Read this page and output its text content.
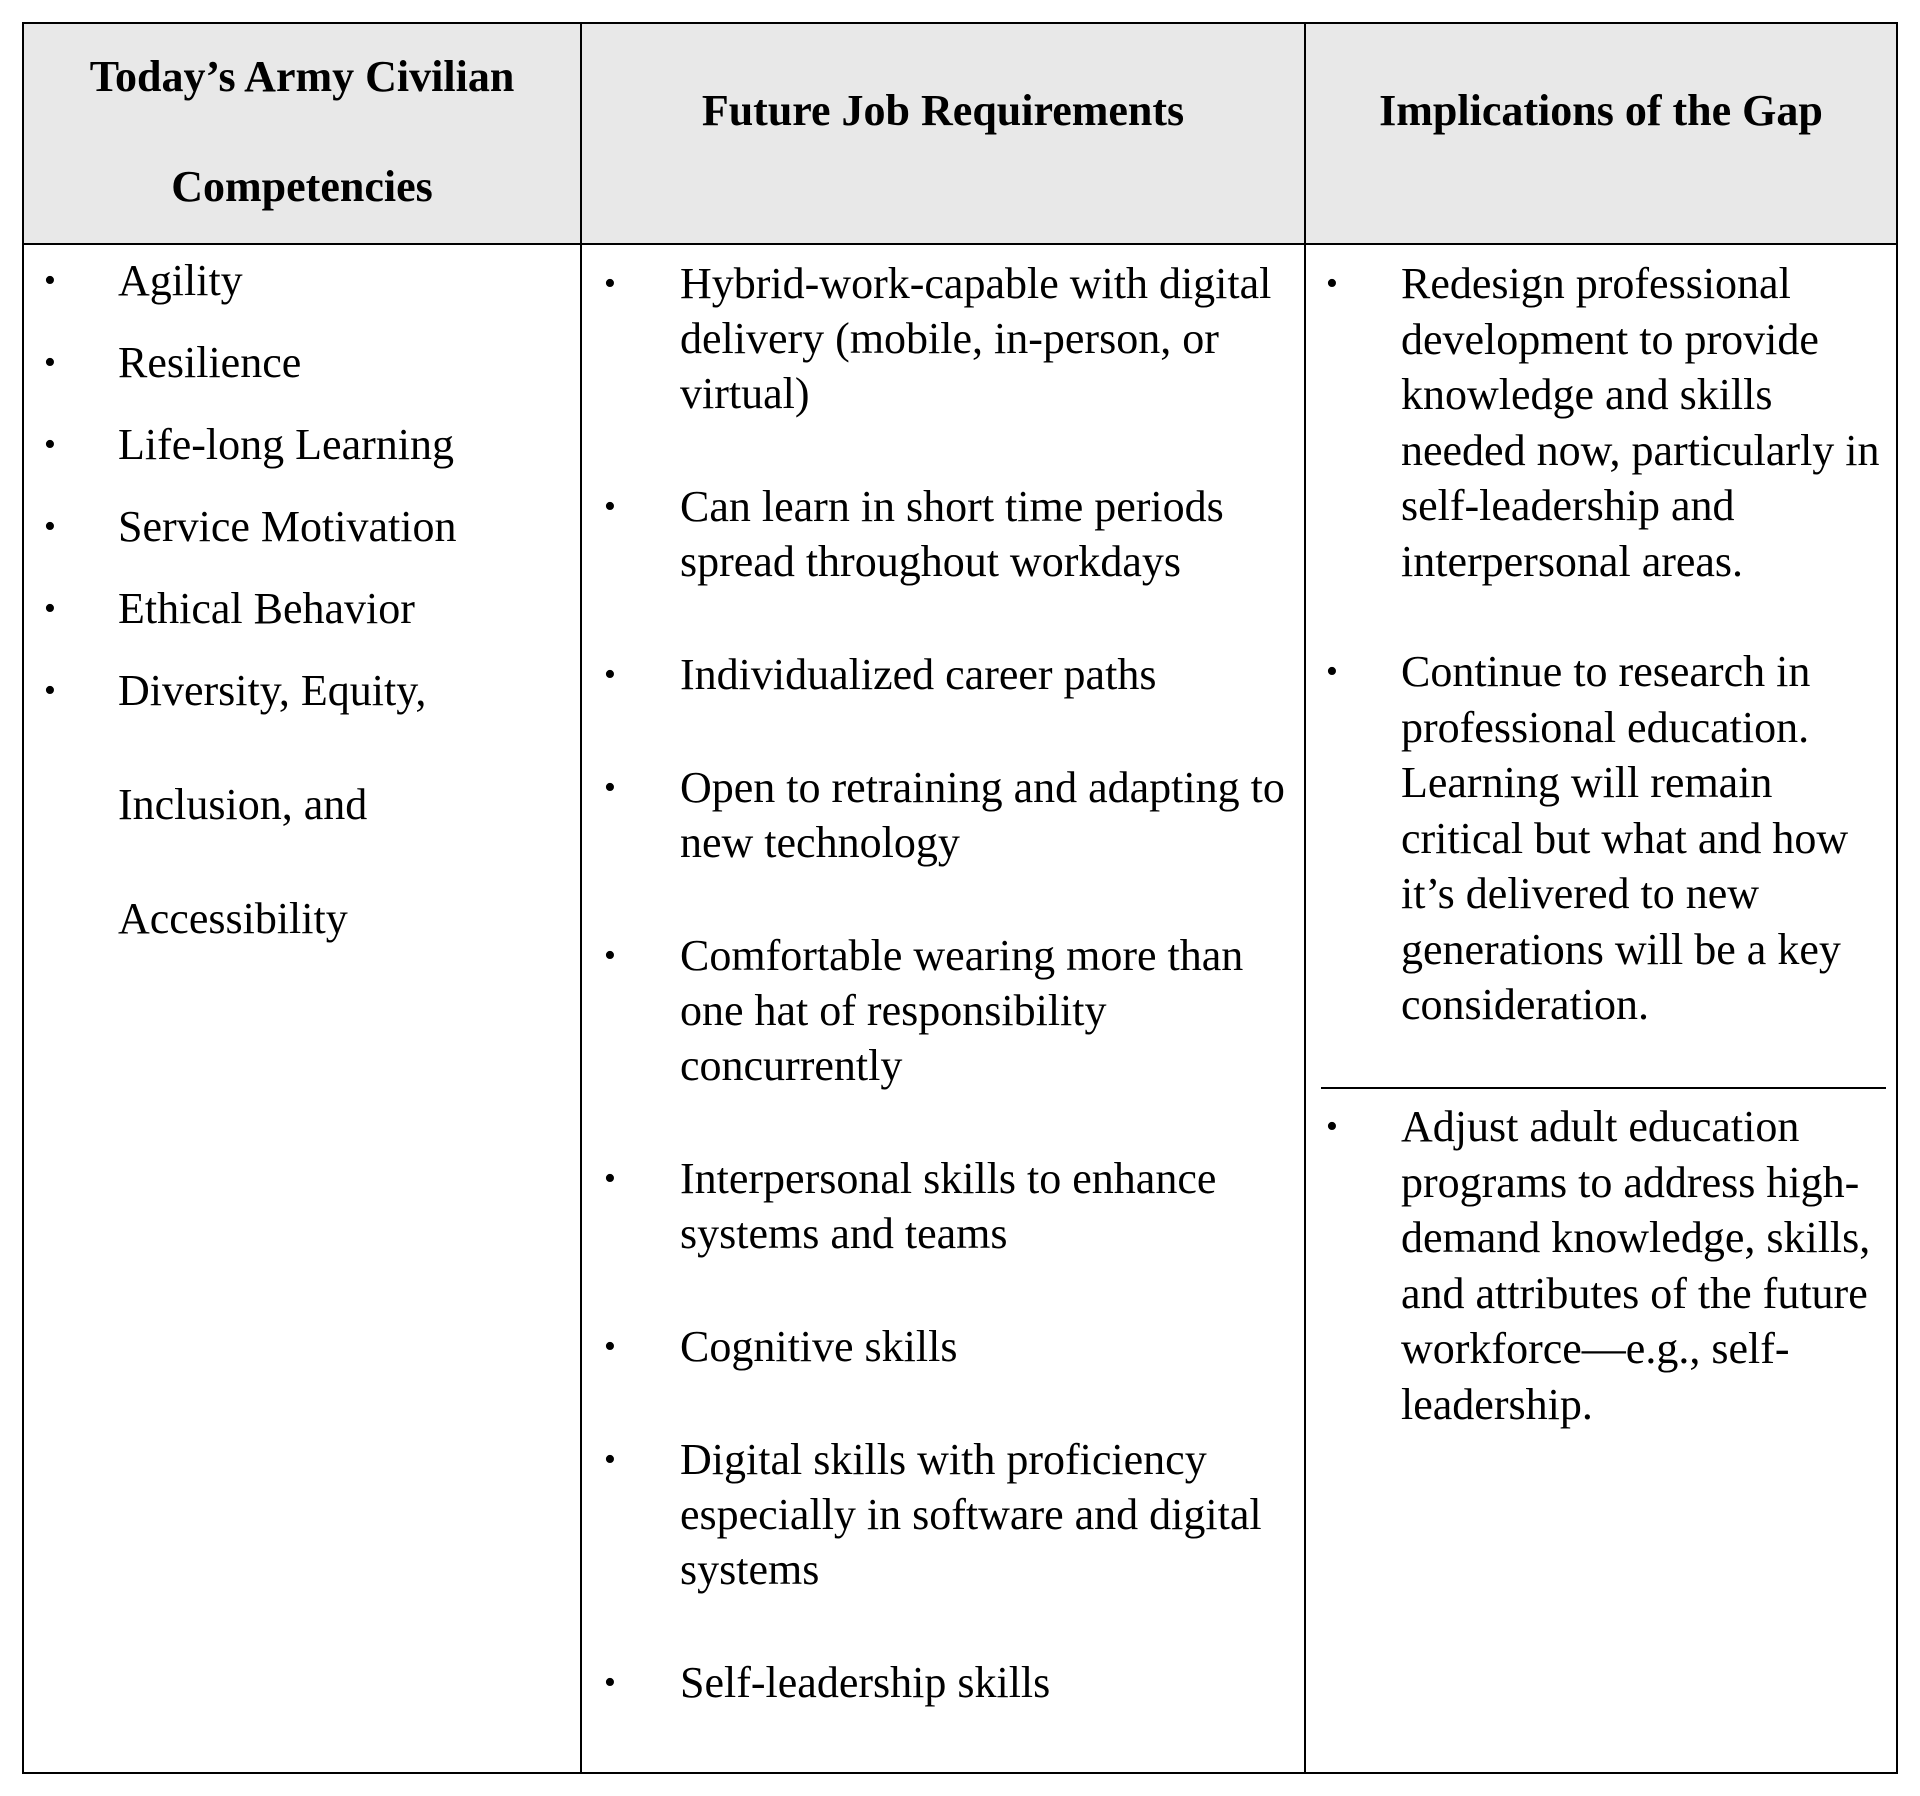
Today’s Army Civilian
Competencies
• Agility
• Resilience
• Life-long Learning
• Service Motivation
• Ethical Behavior
• Diversity, Equity,
Inclusion, and
Accessibility
Future Job Requirements
• Hybrid-work-capable with digital delivery (mobile, in-person, or virtual)
• Can learn in short time periods spread throughout workdays
• Individualized career paths
• Open to retraining and adapting to new technology
• Comfortable wearing more than one hat of responsibility concurrently
• Interpersonal skills to enhance systems and teams
• Cognitive skills
• Digital skills with proficiency especially in software and digital systems
• Self-leadership skills
Implications of the Gap
• Redesign professional development to provide knowledge and skills needed now, particularly in self-leadership and interpersonal areas.
• Continue to research in professional education. Learning will remain critical but what and how it’s delivered to new generations will be a key consideration.
• Adjust adult education programs to address high-demand knowledge, skills, and attributes of the future workforce—e.g., self-leadership.
